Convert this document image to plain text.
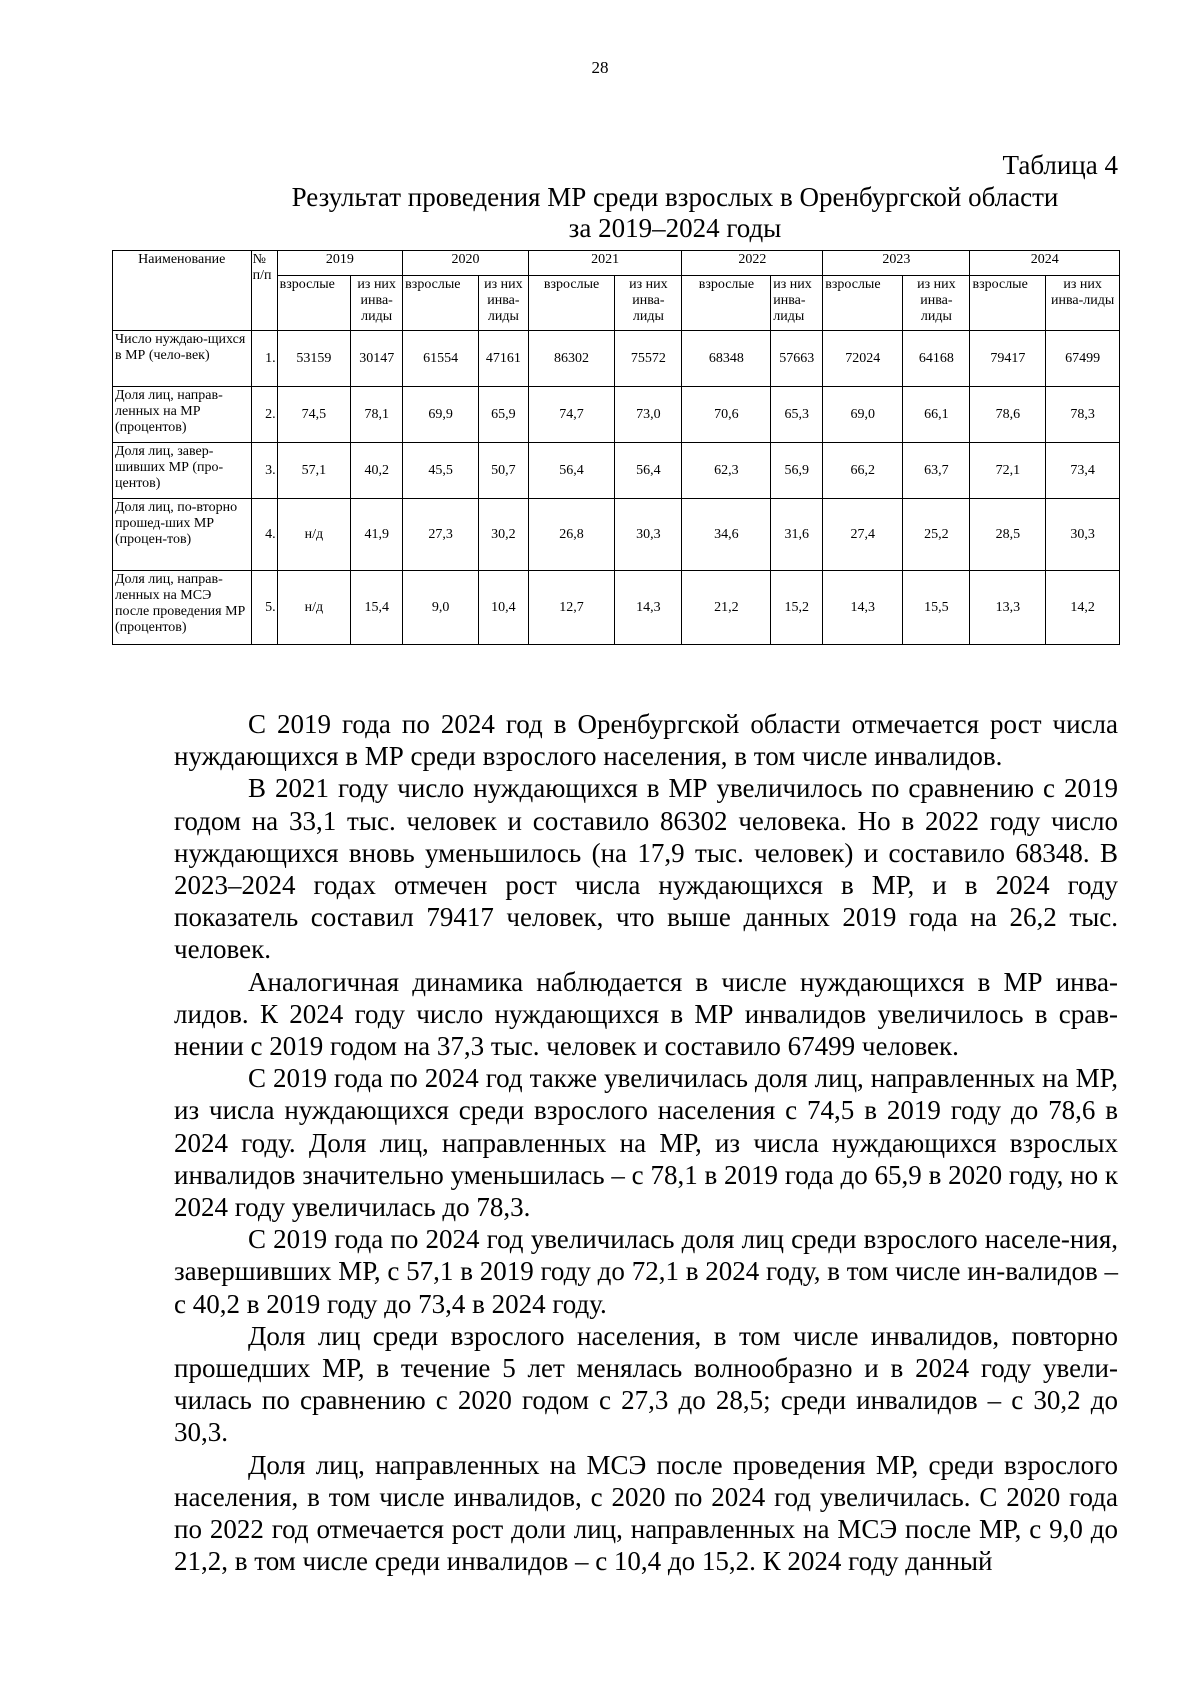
28
Таблица 4
Результат проведения МР среди взрослых в Оренбургской области
за 2019–2024 годы
Наименование	№ п/п	2019		2020		2021		2022		2023		2024	
		взрослые	из них инва-лиды	взрослые	из них инва-лиды	взрослые	из них инва-лиды	взрослые	из них инва-лиды	взрослые	из них инва-лиды	взрослые	из них инва-лиды
Число нуждаю-щихся в МР (чело-век)	1.	53159	30147	61554	47161	86302	75572	68348	57663	72024	64168	79417	67499
Доля лиц, направ-ленных на МР (процентов)	2.	74,5	78,1	69,9	65,9	74,7	73,0	70,6	65,3	69,0	66,1	78,6	78,3
Доля лиц, завер-шивших МР (про-центов)	3.	57,1	40,2	45,5	50,7	56,4	56,4	62,3	56,9	66,2	63,7	72,1	73,4
Доля лиц, по-вторно прошед-ших МР (процен-тов)	4.	н/д	41,9	27,3	30,2	26,8	30,3	34,6	31,6	27,4	25,2	28,5	30,3
Доля лиц, направ-ленных на МСЭ после проведения МР (процентов)	5.	н/д	15,4	9,0	10,4	12,7	14,3	21,2	15,2	14,3	15,5	13,3	14,2

С 2019 года по 2024 год в Оренбургской области отмечается рост числа нуждающихся в МР среди взрослого населения, в том числе инвалидов.

В 2021 году число нуждающихся в МР увеличилось по сравнению с 2019 годом на 33,1 тыс. человек и составило 86302 человека. Но в 2022 году число нуждающихся вновь уменьшилось (на 17,9 тыс. человек) и составило 68348. В 2023–2024 годах отмечен рост числа нуждающихся в МР, и в 2024 году показатель составил 79417 человек, что выше данных 2019 года на 26,2 тыс. человек.

Аналогичная динамика наблюдается в числе нуждающихся в МР инва-лидов. К 2024 году число нуждающихся в МР инвалидов увеличилось в срав-нении с 2019 годом на 37,3 тыс. человек и составило 67499 человек.

С 2019 года по 2024 год также увеличилась доля лиц, направленных на МР, из числа нуждающихся среди взрослого населения с 74,5 в 2019 году до 78,6 в 2024 году. Доля лиц, направленных на МР, из числа нуждающихся взрослых инвалидов значительно уменьшилась – с 78,1 в 2019 года до 65,9 в 2020 году, но к 2024 году увеличилась до 78,3.

С 2019 года по 2024 год увеличилась доля лиц среди взрослого населе-ния, завершивших МР, с 57,1 в 2019 году до 72,1 в 2024 году, в том числе ин-валидов – с 40,2 в 2019 году до 73,4 в 2024 году.

Доля лиц среди взрослого населения, в том числе инвалидов, повторно прошедших МР, в течение 5 лет менялась волнообразно и в 2024 году увели-чилась по сравнению с 2020 годом с 27,3 до 28,5; среди инвалидов – с 30,2 до 30,3.

Доля лиц, направленных на МСЭ после проведения МР, среди взрослого населения, в том числе инвалидов, с 2020 по 2024 год увеличилась. С 2020 года по 2022 год отмечается рост доли лиц, направленных на МСЭ после МР, с 9,0 до 21,2, в том числе среди инвалидов – с 10,4 до 15,2. К 2024 году данный
